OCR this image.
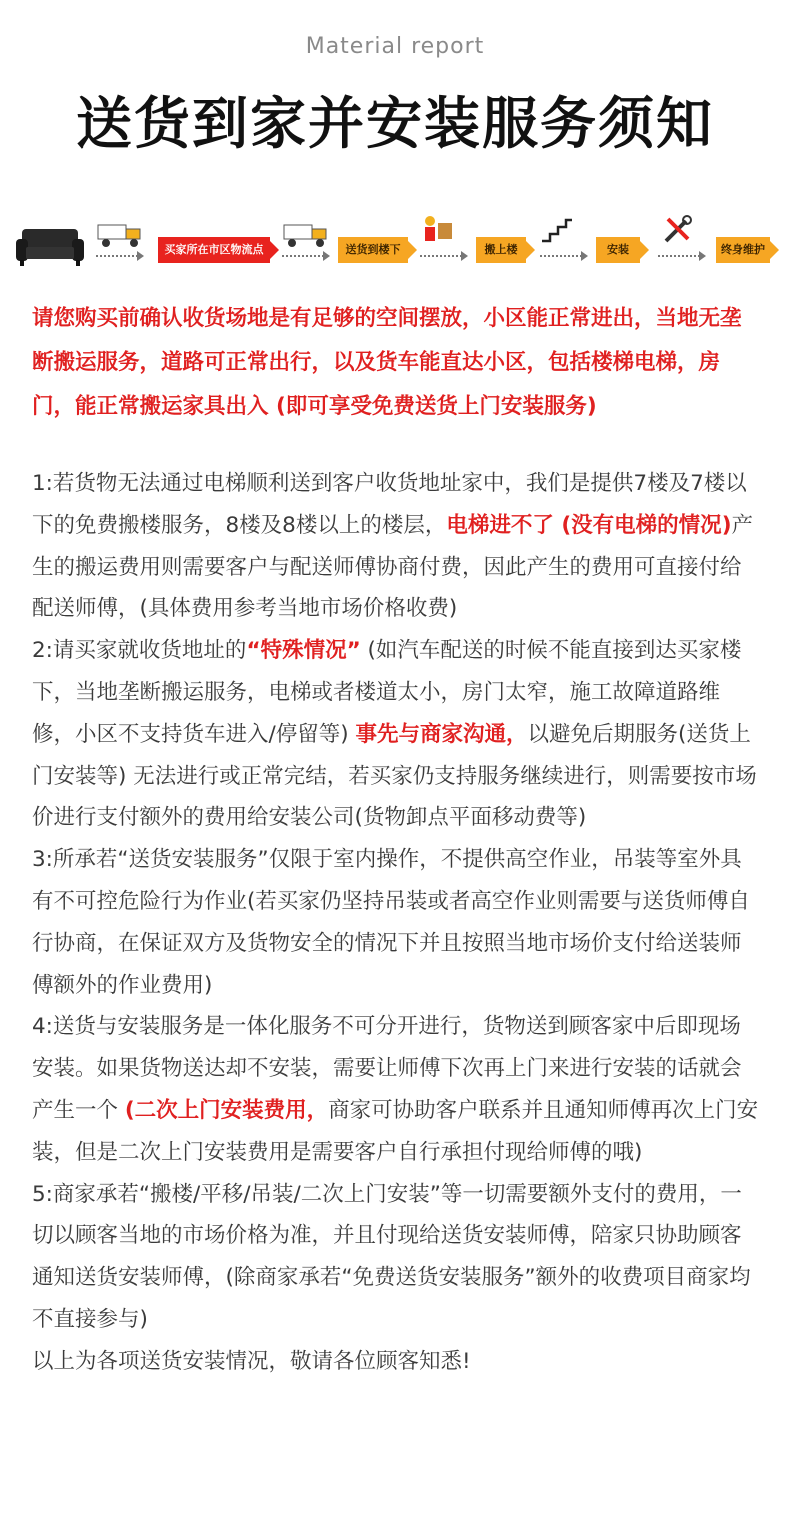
Material report
送货到家并安装服务须知
买家所在市区物流点	送货到楼下	搬上楼	安装	终身维护
请您购买前确认收货场地是有足够的空间摆放，小区能正常进出，当地无垄断搬运服务，道路可正常出行，以及货车能直达小区，包括楼梯电梯，房门，能正常搬运家具出入 (即可享受免费送货上门安装服务)

1:若货物无法通过电梯顺利送到客户收货地址家中，我们是提供7楼及7楼以下的免费搬楼服务，8楼及8楼以上的楼层，电梯进不了 (没有电梯的情况)产生的搬运费用则需要客户与配送师傅协商付费，因此产生的费用可直接付给配送师傅，(具体费用参考当地市场价格收费)

2:请买家就收货地址的“特殊情况” (如汽车配送的时候不能直接到达买家楼下，当地垄断搬运服务，电梯或者楼道太小，房门太窄，施工故障道路维修，小区不支持货车进入/停留等) 事先与商家沟通，以避免后期服务(送货上门安装等) 无法进行或正常完结，若买家仍支持服务继续进行，则需要按市场价进行支付额外的费用给安装公司(货物卸点平面移动费等)

3:所承若“送货安装服务”仅限于室内操作，不提供高空作业，吊装等室外具有不可控危险行为作业(若买家仍坚持吊装或者高空作业则需要与送货师傅自行协商，在保证双方及货物安全的情况下并且按照当地市场价支付给送装师傅额外的作业费用)

4:送货与安装服务是一体化服务不可分开进行，货物送到顾客家中后即现场安装。如果货物送达却不安装，需要让师傅下次再上门来进行安装的话就会产生一个 (二次上门安装费用，商家可协助客户联系并且通知师傅再次上门安装，但是二次上门安装费用是需要客户自行承担付现给师傅的哦)

5:商家承若“搬楼/平移/吊装/二次上门安装”等一切需要额外支付的费用，一切以顾客当地的市场价格为准，并且付现给送货安装师傅，陪家只协助顾客通知送货安装师傅，(除商家承若“免费送货安装服务”额外的收费项目商家均不直接参与)

以上为各项送货安装情况，敬请各位顾客知悉!
